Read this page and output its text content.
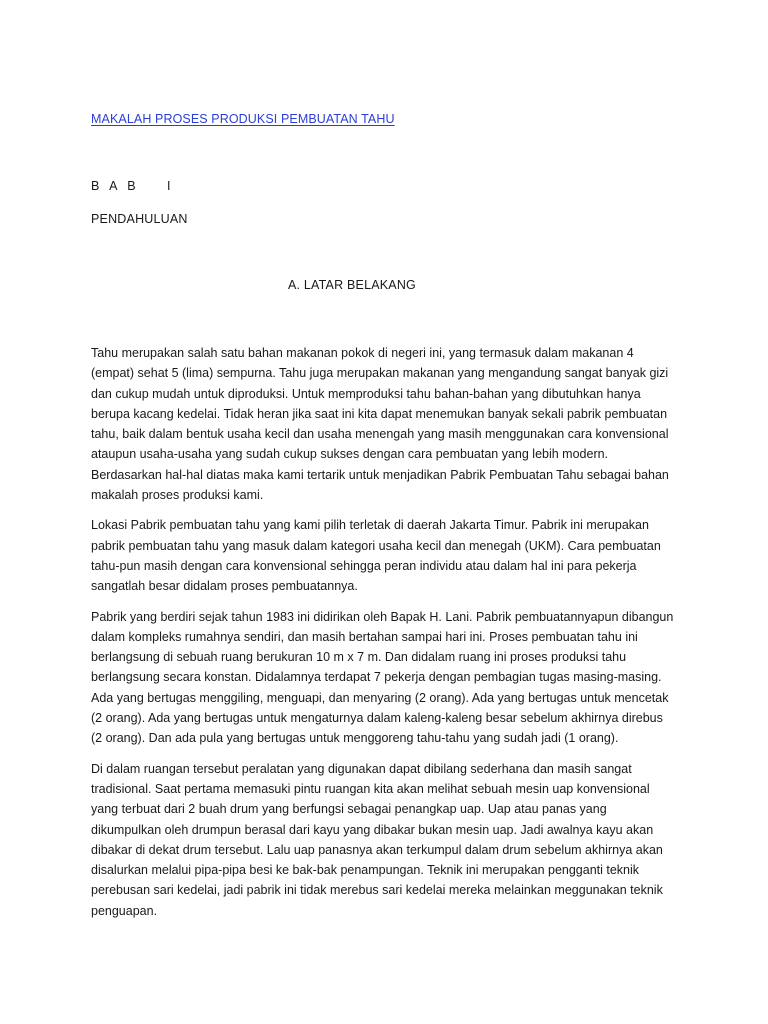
MAKALAH PROSES PRODUKSI PEMBUATAN TAHU
B A B    I
PENDAHULUAN
A. LATAR BELAKANG

Tahu merupakan salah satu bahan makanan pokok di negeri ini, yang termasuk dalam makanan 4
(empat) sehat 5 (lima) sempurna. Tahu juga merupakan makanan yang mengandung sangat banyak gizi
dan cukup mudah untuk diproduksi. Untuk memproduksi tahu bahan-bahan yang dibutuhkan hanya
berupa kacang kedelai. Tidak heran jika saat ini kita dapat menemukan banyak sekali pabrik pembuatan
tahu, baik dalam bentuk usaha kecil dan usaha menengah yang masih menggunakan cara konvensional
ataupun usaha-usaha yang sudah cukup sukses dengan cara pembuatan yang lebih modern.
Berdasarkan hal-hal diatas maka kami tertarik untuk menjadikan Pabrik Pembuatan Tahu sebagai bahan
makalah proses produksi kami.

Lokasi Pabrik pembuatan tahu yang kami pilih terletak di daerah Jakarta Timur. Pabrik ini merupakan
pabrik pembuatan tahu yang masuk dalam kategori usaha kecil dan menegah (UKM). Cara pembuatan
tahu-pun masih dengan cara konvensional sehingga peran individu atau dalam hal ini para pekerja
sangatlah besar didalam proses pembuatannya.

Pabrik yang berdiri sejak tahun 1983 ini didirikan oleh Bapak H. Lani. Pabrik pembuatannyapun dibangun
dalam kompleks rumahnya sendiri, dan masih bertahan sampai hari ini. Proses pembuatan tahu ini
berlangsung di sebuah ruang berukuran 10 m x 7 m. Dan didalam ruang ini proses produksi tahu
berlangsung secara konstan. Didalamnya terdapat 7 pekerja dengan pembagian tugas masing-masing.
Ada yang bertugas menggiling, menguapi, dan menyaring (2 orang). Ada yang bertugas untuk mencetak
(2 orang). Ada yang bertugas untuk mengaturnya dalam kaleng-kaleng besar sebelum akhirnya direbus
(2 orang). Dan ada pula yang bertugas untuk menggoreng tahu-tahu yang sudah jadi (1 orang).

Di dalam ruangan tersebut peralatan yang digunakan dapat dibilang sederhana dan masih sangat
tradisional. Saat pertama memasuki pintu ruangan kita akan melihat sebuah mesin uap konvensional
yang terbuat dari 2 buah drum yang berfungsi sebagai penangkap uap. Uap atau panas yang
dikumpulkan oleh drumpun berasal dari kayu yang dibakar bukan mesin uap. Jadi awalnya kayu akan
dibakar di dekat drum tersebut. Lalu uap panasnya akan terkumpul dalam drum sebelum akhirnya akan
disalurkan melalui pipa-pipa besi ke bak-bak penampungan. Teknik ini merupakan pengganti teknik
perebusan sari kedelai, jadi pabrik ini tidak merebus sari kedelai mereka melainkan meggunakan teknik
penguapan.
